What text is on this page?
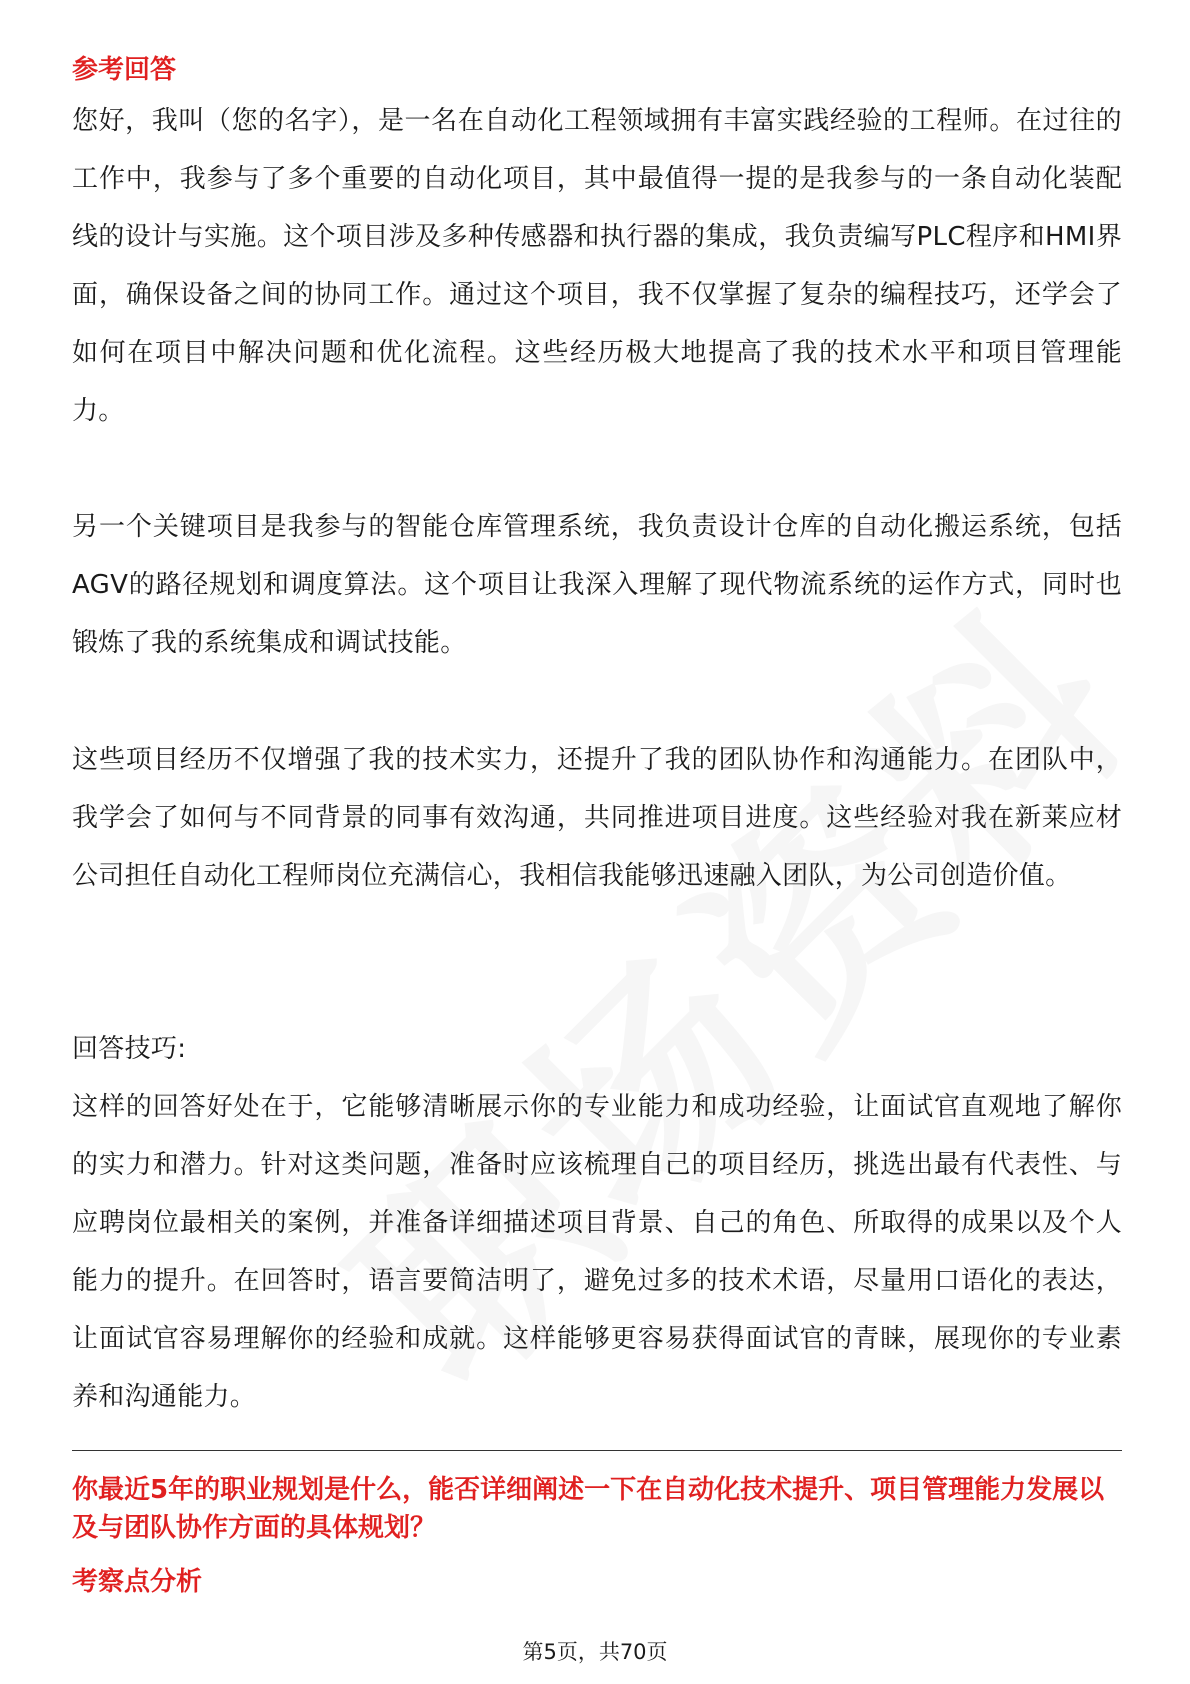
参考回答

您好，我叫（您的名字），是一名在自动化工程领域拥有丰富实践经验的工程师。在过往的工作中，我参与了多个重要的自动化项目，其中最值得一提的是我参与的一条自动化装配线的设计与实施。这个项目涉及多种传感器和执行器的集成，我负责编写PLC程序和HMI界面，确保设备之间的协同工作。通过这个项目，我不仅掌握了复杂的编程技巧，还学会了如何在项目中解决问题和优化流程。这些经历极大地提高了我的技术水平和项目管理能力。

另一个关键项目是我参与的智能仓库管理系统，我负责设计仓库的自动化搬运系统，包括AGV的路径规划和调度算法。这个项目让我深入理解了现代物流系统的运作方式，同时也锻炼了我的系统集成和调试技能。

这些项目经历不仅增强了我的技术实力，还提升了我的团队协作和沟通能力。在团队中，我学会了如何与不同背景的同事有效沟通，共同推进项目进度。这些经验对我在新莱应材公司担任自动化工程师岗位充满信心，我相信我能够迅速融入团队，为公司创造价值。

回答技巧:

这样的回答好处在于，它能够清晰展示你的专业能力和成功经验，让面试官直观地了解你的实力和潜力。针对这类问题，准备时应该梳理自己的项目经历，挑选出最有代表性、与应聘岗位最相关的案例，并准备详细描述项目背景、自己的角色、所取得的成果以及个人能力的提升。在回答时，语言要简洁明了，避免过多的技术术语，尽量用口语化的表达，让面试官容易理解你的经验和成就。这样能够更容易获得面试官的青睐，展现你的专业素养和沟通能力。

你最近5年的职业规划是什么，能否详细阐述一下在自动化技术提升、项目管理能力发展以及与团队协作方面的具体规划？
考察点分析
第5页，共70页
